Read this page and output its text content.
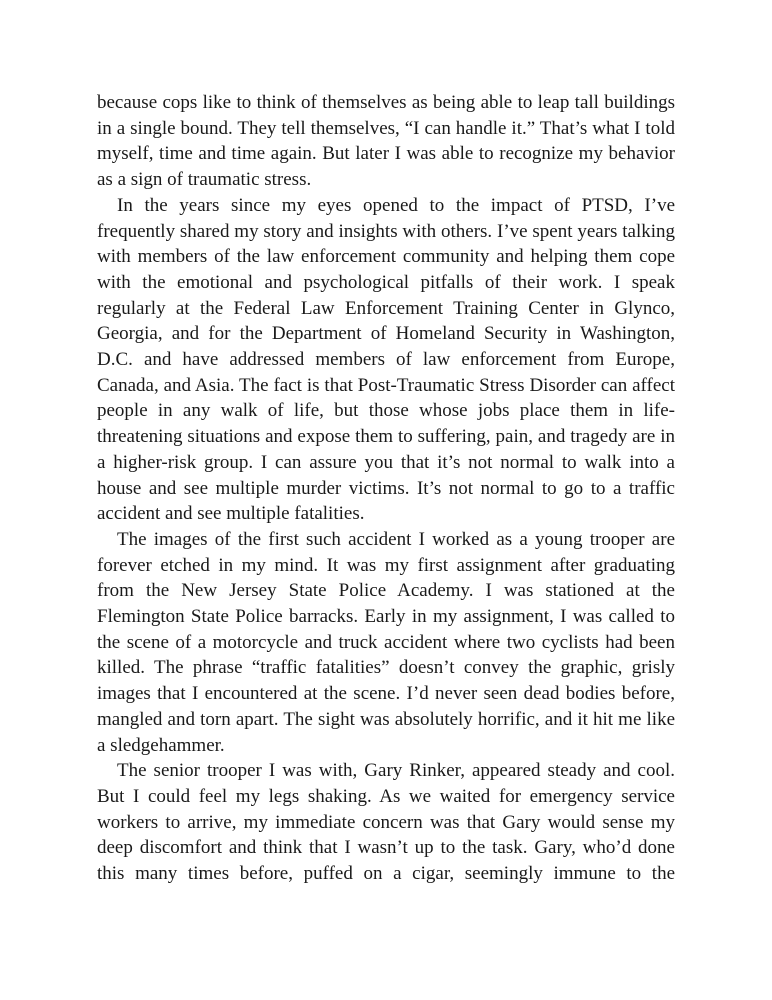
because cops like to think of themselves as being able to leap tall buildings in a single bound. They tell themselves, “I can handle it.” That’s what I told myself, time and time again. But later I was able to recognize my behavior as a sign of traumatic stress.

In the years since my eyes opened to the impact of PTSD, I’ve frequently shared my story and insights with others. I’ve spent years talking with members of the law enforcement community and helping them cope with the emotional and psychological pitfalls of their work. I speak regularly at the Federal Law Enforcement Training Center in Glynco, Georgia, and for the Department of Homeland Security in Washington, D.C. and have addressed members of law enforcement from Europe, Canada, and Asia. The fact is that Post-Traumatic Stress Disorder can affect people in any walk of life, but those whose jobs place them in life-threatening situations and expose them to suffering, pain, and tragedy are in a higher-risk group. I can assure you that it’s not normal to walk into a house and see multiple murder victims. It’s not normal to go to a traffic accident and see multiple fatalities.

The images of the first such accident I worked as a young trooper are forever etched in my mind. It was my first assignment after graduating from the New Jersey State Police Academy. I was stationed at the Flemington State Police barracks. Early in my assignment, I was called to the scene of a motorcycle and truck accident where two cyclists had been killed. The phrase “traffic fatalities” doesn’t convey the graphic, grisly images that I encountered at the scene. I’d never seen dead bodies before, mangled and torn apart. The sight was absolutely horrific, and it hit me like a sledgehammer.

The senior trooper I was with, Gary Rinker, appeared steady and cool. But I could feel my legs shaking. As we waited for emergency service workers to arrive, my immediate concern was that Gary would sense my deep discomfort and think that I wasn’t up to the task. Gary, who’d done this many times before, puffed on a cigar, seemingly immune to the
